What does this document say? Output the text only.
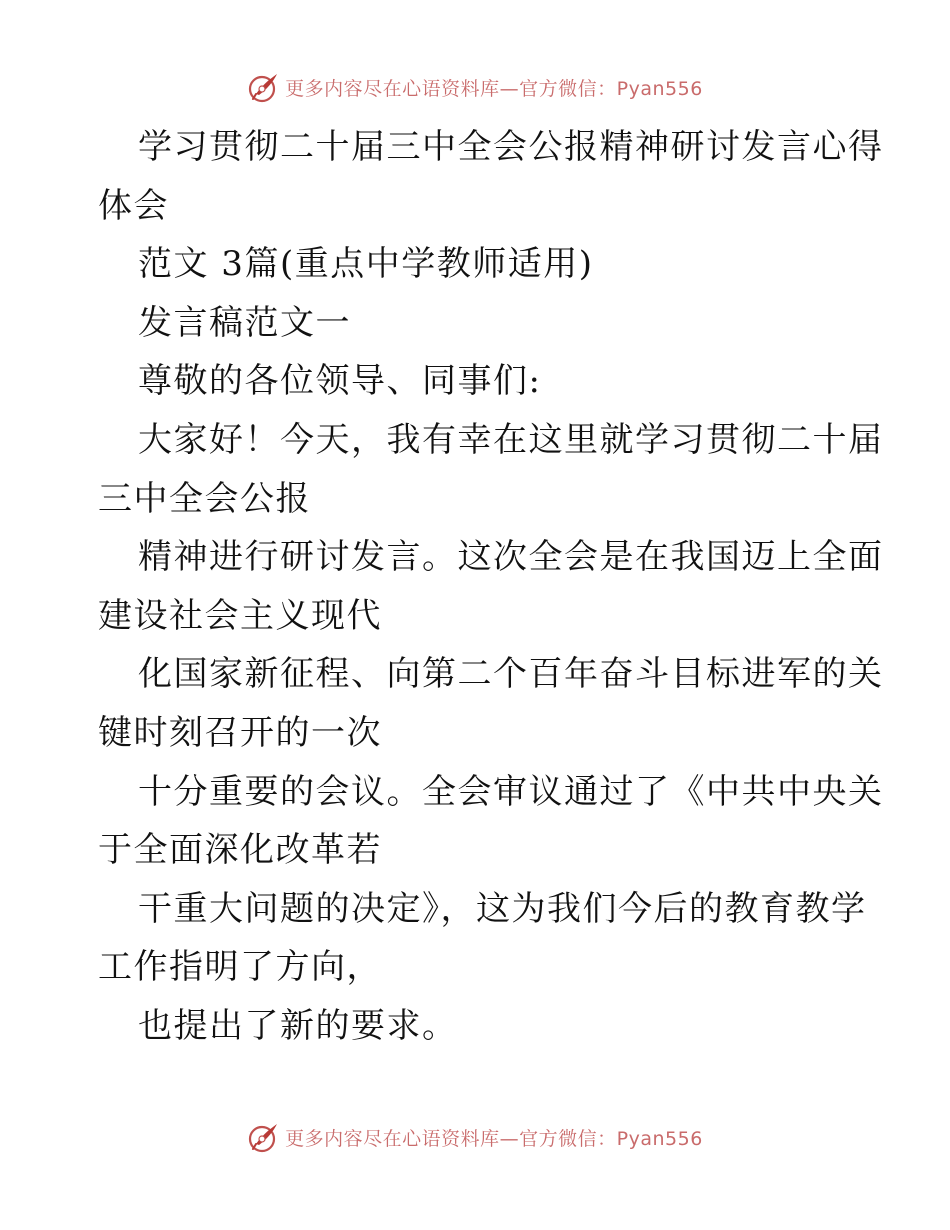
更多内容尽在心语资料库—官方微信：Pyan556
学习贯彻二十届三中全会公报精神研讨发言心得
体会
范文 3篇(重点中学教师适用)
发言稿范文一
尊敬的各位领导、同事们:
大家好！今天，我有幸在这里就学习贯彻二十届
三中全会公报
精神进行研讨发言。这次全会是在我国迈上全面
建设社会主义现代
化国家新征程、向第二个百年奋斗目标进军的关
键时刻召开的一次
十分重要的会议。全会审议通过了《中共中央关
于全面深化改革若
干重大问题的决定》，这为我们今后的教育教学
工作指明了方向，
也提出了新的要求。
更多内容尽在心语资料库—官方微信：Pyan556
